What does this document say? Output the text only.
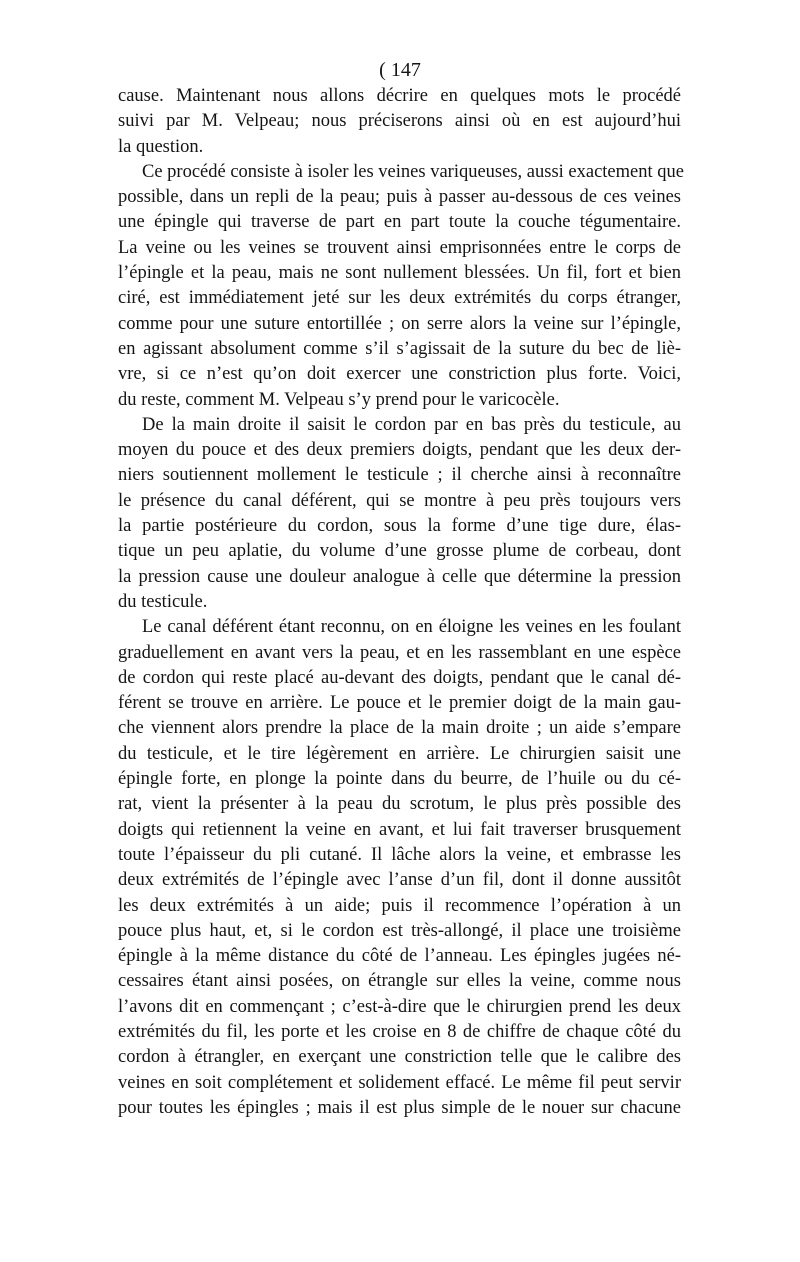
( 147
cause. Maintenant nous allons décrire en quelques mots le procédé
suivi par M. Velpeau; nous préciserons ainsi où en est aujourd’hui
la question.
Ce procédé consiste à isoler les veines variqueuses, aussi exactement que
possible, dans un repli de la peau; puis à passer au-dessous de ces veines
une épingle qui traverse de part en part toute la couche tégumentaire.
La veine ou les veines se trouvent ainsi emprisonnées entre le corps de
l’épingle et la peau, mais ne sont nullement blessées. Un fil, fort et bien
ciré, est immédiatement jeté sur les deux extrémités du corps étranger,
comme pour une suture entortillée ; on serre alors la veine sur l’épingle,
en agissant absolument comme s’il s’agissait de la suture du bec de liè-
vre, si ce n’est qu’on doit exercer une constriction plus forte. Voici,
du reste, comment M. Velpeau s’y prend pour le varicocèle.
De la main droite il saisit le cordon par en bas près du testicule, au
moyen du pouce et des deux premiers doigts, pendant que les deux der-
niers soutiennent mollement le testicule ; il cherche ainsi à reconnaître
le présence du canal déférent, qui se montre à peu près toujours vers
la partie postérieure du cordon, sous la forme d’une tige dure, élas-
tique un peu aplatie, du volume d’une grosse plume de corbeau, dont
la pression cause une douleur analogue à celle que détermine la pression
du testicule.
Le canal déférent étant reconnu, on en éloigne les veines en les foulant
graduellement en avant vers la peau, et en les rassemblant en une espèce
de cordon qui reste placé au-devant des doigts, pendant que le canal dé-
férent se trouve en arrière. Le pouce et le premier doigt de la main gau-
che viennent alors prendre la place de la main droite ; un aide s’empare
du testicule, et le tire légèrement en arrière. Le chirurgien saisit une
épingle forte, en plonge la pointe dans du beurre, de l’huile ou du cé-
rat, vient la présenter à la peau du scrotum, le plus près possible des
doigts qui retiennent la veine en avant, et lui fait traverser brusquement
toute l’épaisseur du pli cutané. Il lâche alors la veine, et embrasse les
deux extrémités de l’épingle avec l’anse d’un fil, dont il donne aussitôt
les deux extrémités à un aide; puis il recommence l’opération à un
pouce plus haut, et, si le cordon est très-allongé, il place une troisième
épingle à la même distance du côté de l’anneau. Les épingles jugées né-
cessaires étant ainsi posées, on étrangle sur elles la veine, comme nous
l’avons dit en commençant ; c’est-à-dire que le chirurgien prend les deux
extrémités du fil, les porte et les croise en 8 de chiffre de chaque côté du
cordon à étrangler, en exerçant une constriction telle que le calibre des
veines en soit complétement et solidement effacé. Le même fil peut servir
pour toutes les épingles ; mais il est plus simple de le nouer sur chacune
